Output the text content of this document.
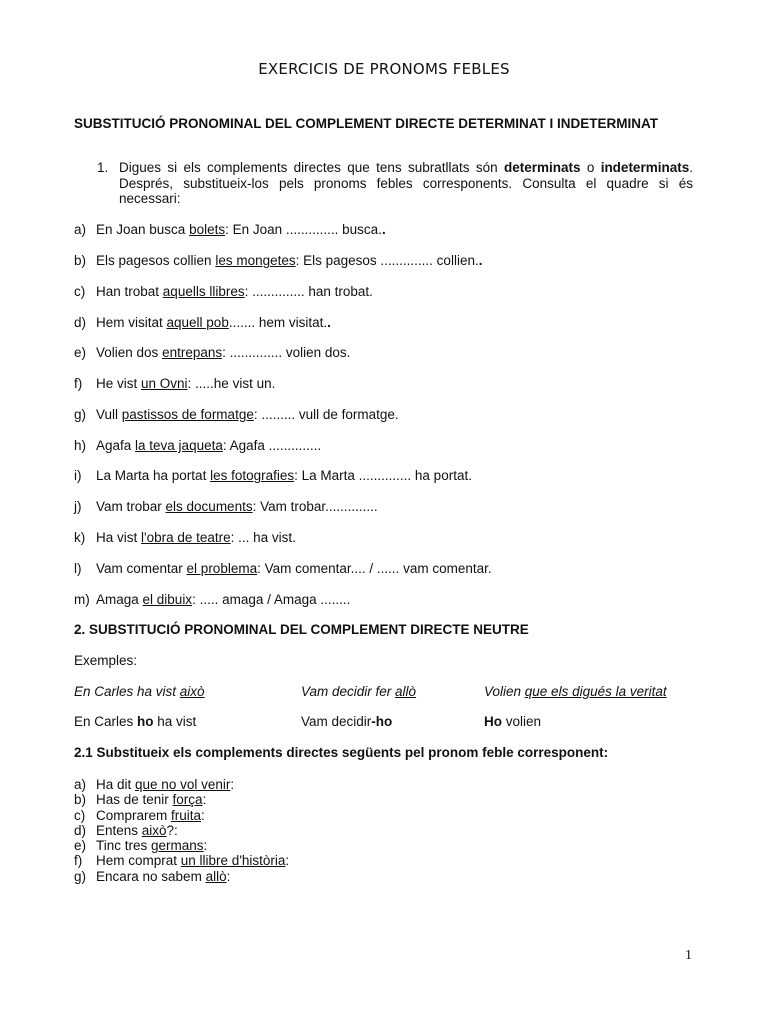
EXERCICIS DE PRONOMS FEBLES
SUBSTITUCIÓ PRONOMINAL DEL COMPLEMENT DIRECTE DETERMINAT I INDETERMINAT
1. Digues si els complements directes que tens subratllats són determinats o indeterminats. Després, substitueix-los pels pronoms febles corresponents. Consulta el quadre si és necessari:
a) En Joan busca bolets: En Joan .............. busca..
b) Els pagesos collien les mongetes: Els pagesos .............. collien..
c) Han trobat aquells llibres: .............. han trobat.
d) Hem visitat aquell pob....... hem visitat..
e) Volien dos entrepans: .............. volien dos.
f) He vist un Ovni: .....he vist un.
g) Vull pastissos de formatge: ......... vull de formatge.
h) Agafa la teva jaqueta: Agafa ..............
i) La Marta ha portat les fotografies: La Marta .............. ha portat.
j) Vam trobar els documents: Vam trobar..............
k) Ha vist l'obra de teatre: ... ha vist.
l) Vam comentar el problema: Vam comentar.... / ...... vam comentar.
m) Amaga el dibuix: ..... amaga / Amaga ........
2. SUBSTITUCIÓ PRONOMINAL DEL COMPLEMENT DIRECTE NEUTRE
Exemples:
En Carles ha vist això	Vam decidir fer allò	Volien que els digués la veritat
En Carles ho ha vist	Vam decidir-ho	Ho volien
2.1 Substitueix els complements directes següents pel pronom feble corresponent:
a) Ha dit que no vol venir:
b) Has de tenir força:
c) Comprarem fruita:
d) Entens això?:
e) Tinc tres germans:
f) Hem comprat un llibre d'història:
g) Encara no sabem allò:
1
